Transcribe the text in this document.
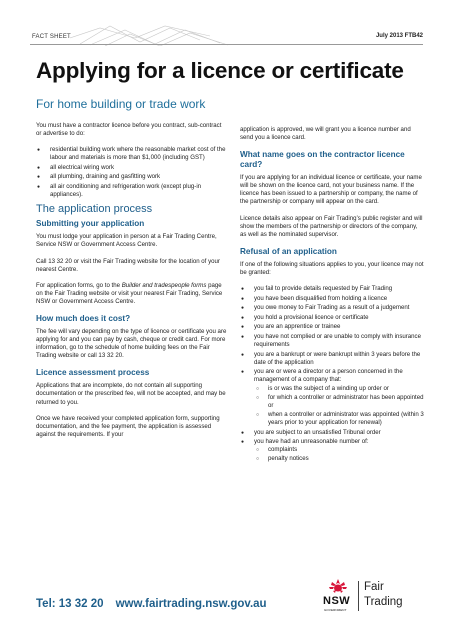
FACT SHEET	July 2013 FTB42
Applying for a licence or certificate
For home building or trade work

You must have a contractor licence before you contract, sub-contract or advertise to do:

● residential building work where the reasonable market cost of the labour and materials is more than $1,000 (including GST)
● all electrical wiring work
● all plumbing, draining and gasfitting work
● all air conditioning and refrigeration work (except plug-in appliances).
The application process
Submitting your application

You must lodge your application in person at a Fair Trading Centre, Service NSW or Government Access Centre.

Call 13 32 20 or visit the Fair Trading website for the location of your nearest Centre.

For application forms, go to the Builder and tradespeople forms page on the Fair Trading website or visit your nearest Fair Trading, Service NSW or Government Access Centre.

How much does it cost?

The fee will vary depending on the type of licence or certificate you are applying for and you can pay by cash, cheque or credit card. For more information, go to the schedule of home building fees on the Fair Trading website or call 13 32 20.

Licence assessment process

Applications that are incomplete, do not contain all supporting documentation or the prescribed fee, will not be accepted, and may be returned to you.

Once we have received your completed application form, supporting documentation, and the fee payment, the application is assessed against the requirements. If your

application is approved, we will grant you a licence number and send you a licence card.

What name goes on the contractor licence card?

If you are applying for an individual licence or certificate, your name will be shown on the licence card, not your business name. If the licence has been issued to a partnership or company, the name of the partnership or company will appear on the card.

Licence details also appear on Fair Trading’s public register and will show the members of the partnership or directors of the company, as well as the nominated supervisor.

Refusal of an application

If one of the following situations applies to you, your licence may not be granted:

● you fail to provide details requested by Fair Trading
● you have been disqualified from holding a licence
● you owe money to Fair Trading as a result of a judgement
● you hold a provisional licence or certificate
● you are an apprentice or trainee
● you have not complied or are unable to comply with insurance requirements
● you are a bankrupt or were bankrupt within 3 years before the date of the application
● you are or were a director or a person concerned in the management of a company that:
○ is or was the subject of a winding up order or
○ for which a controller or administrator has been appointed or
○ when a controller or administrator was appointed (within 3 years prior to your application for renewal)
● you are subject to an unsatisfied Tribunal order
● you have had an unreasonable number of:
○ complaints
○ penalty notices
Tel: 13 32 20 www.fairtrading.nsw.gov.au	NSW
GOVERNMENT
Fair
Trading
